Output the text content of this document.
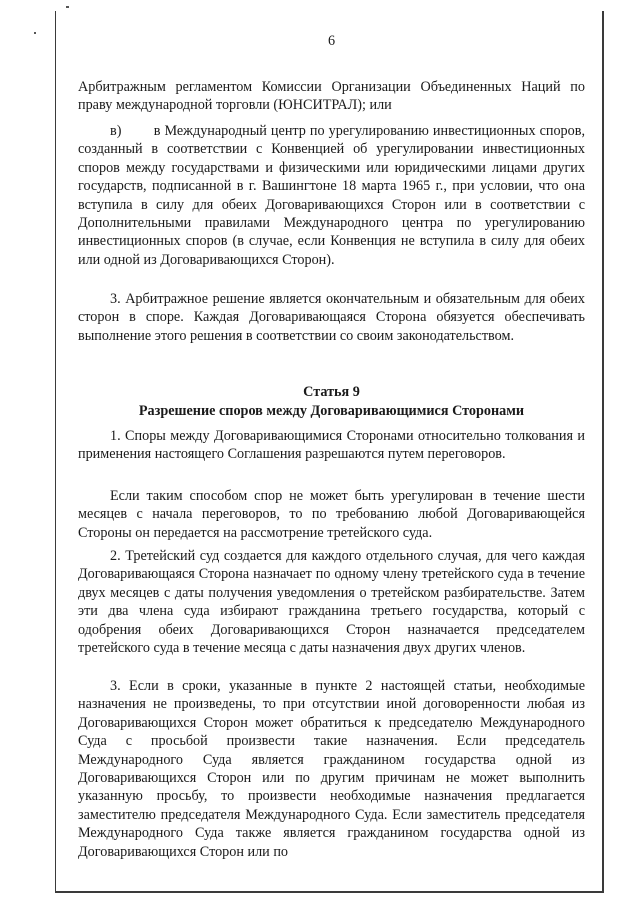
6
Арбитражным регламентом Комиссии Организации Объединенных Наций по праву международной торговли (ЮНСИТРАЛ); или
в)        в Международный центр по урегулированию инвестиционных споров, созданный в соответствии с Конвенцией об урегулировании инвестиционных споров между государствами и физическими или юридическими лицами других государств, подписанной в г. Вашингтоне 18 марта 1965 г., при условии, что она вступила в силу для обеих Договаривающихся Сторон или в соответствии с Дополнительными правилами Международного центра по урегулированию инвестиционных споров (в случае, если Конвенция не вступила в силу для обеих или одной из Договаривающихся Сторон).
3. Арбитражное решение является окончательным и обязательным для обеих сторон в споре. Каждая Договаривающаяся Сторона обязуется обеспечивать выполнение этого решения в соответствии со своим законодательством.
Статья 9
Разрешение споров между Договаривающимися Сторонами
1. Споры между Договаривающимися Сторонами относительно толкования и применения настоящего Соглашения разрешаются путем переговоров.
Если таким способом спор не может быть урегулирован в течение шести месяцев с начала переговоров, то по требованию любой Договаривающейся Стороны он передается на рассмотрение третейского суда.
2. Третейский суд создается для каждого отдельного случая, для чего каждая Договаривающаяся Сторона назначает по одному члену третейского суда в течение двух месяцев с даты получения уведомления о третейском разбирательстве. Затем эти два члена суда избирают гражданина третьего государства, который с одобрения обеих Договаривающихся Сторон назначается председателем третейского суда в течение месяца с даты назначения двух других членов.
3. Если в сроки, указанные в пункте 2 настоящей статьи, необходимые назначения не произведены, то при отсутствии иной договоренности любая из Договаривающихся Сторон может обратиться к председателю Международного Суда с просьбой произвести такие назначения. Если председатель Международного Суда является гражданином государства одной из Договаривающихся Сторон или по другим причинам не может выполнить указанную просьбу, то произвести необходимые назначения предлагается заместителю председателя Международного Суда. Если заместитель председателя Международного Суда также является гражданином государства одной из Договаривающихся Сторон или по
